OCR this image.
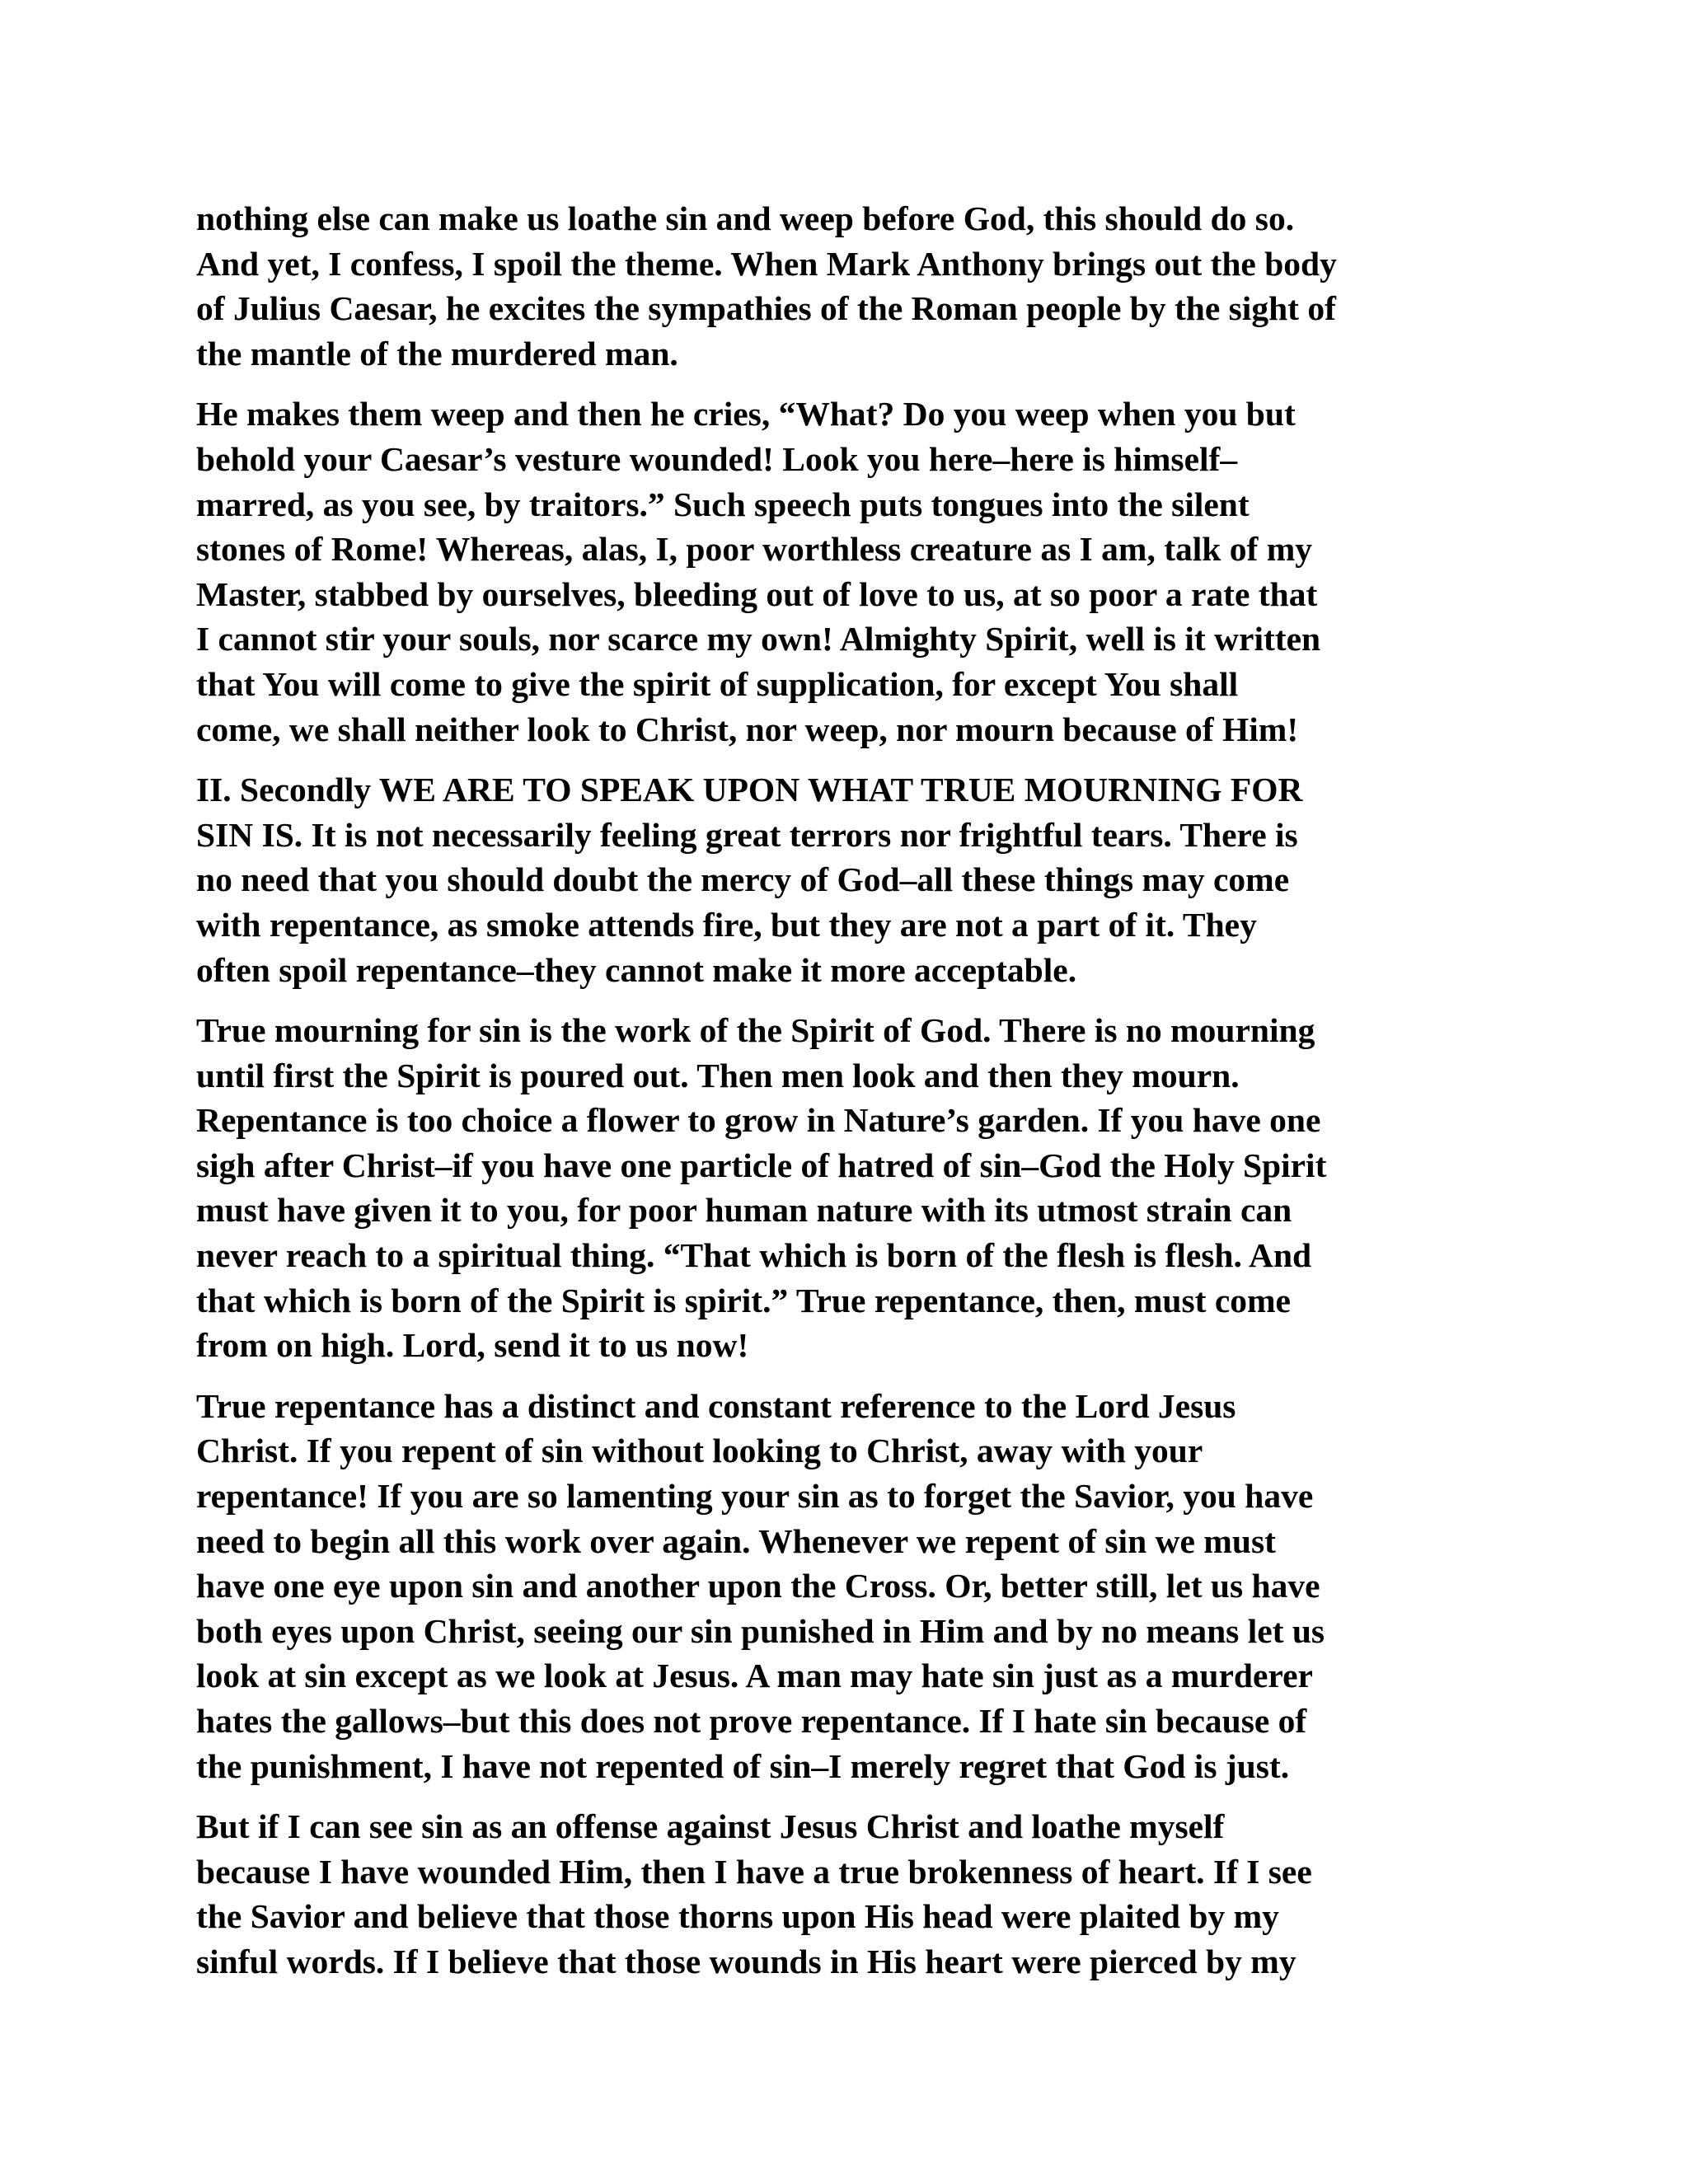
nothing else can make us loathe sin and weep before God, this should do so.
And yet, I confess, I spoil the theme. When Mark Anthony brings out the body
of Julius Caesar, he excites the sympathies of the Roman people by the sight of
the mantle of the murdered man.
He makes them weep and then he cries, “What? Do you weep when you but
behold your Caesar’s vesture wounded! Look you here–here is himself–
marred, as you see, by traitors.” Such speech puts tongues into the silent
stones of Rome! Whereas, alas, I, poor worthless creature as I am, talk of my
Master, stabbed by ourselves, bleeding out of love to us, at so poor a rate that
I cannot stir your souls, nor scarce my own! Almighty Spirit, well is it written
that You will come to give the spirit of supplication, for except You shall
come, we shall neither look to Christ, nor weep, nor mourn because of Him!
II. Secondly WE ARE TO SPEAK UPON WHAT TRUE MOURNING FOR
SIN IS. It is not necessarily feeling great terrors nor frightful tears. There is
no need that you should doubt the mercy of God–all these things may come
with repentance, as smoke attends fire, but they are not a part of it. They
often spoil repentance–they cannot make it more acceptable.
True mourning for sin is the work of the Spirit of God. There is no mourning
until first the Spirit is poured out. Then men look and then they mourn.
Repentance is too choice a flower to grow in Nature’s garden. If you have one
sigh after Christ–if you have one particle of hatred of sin–God the Holy Spirit
must have given it to you, for poor human nature with its utmost strain can
never reach to a spiritual thing. “That which is born of the flesh is flesh. And
that which is born of the Spirit is spirit.” True repentance, then, must come
from on high. Lord, send it to us now!
True repentance has a distinct and constant reference to the Lord Jesus
Christ. If you repent of sin without looking to Christ, away with your
repentance! If you are so lamenting your sin as to forget the Savior, you have
need to begin all this work over again. Whenever we repent of sin we must
have one eye upon sin and another upon the Cross. Or, better still, let us have
both eyes upon Christ, seeing our sin punished in Him and by no means let us
look at sin except as we look at Jesus. A man may hate sin just as a murderer
hates the gallows–but this does not prove repentance. If I hate sin because of
the punishment, I have not repented of sin–I merely regret that God is just.
But if I can see sin as an offense against Jesus Christ and loathe myself
because I have wounded Him, then I have a true brokenness of heart. If I see
the Savior and believe that those thorns upon His head were plaited by my
sinful words. If I believe that those wounds in His heart were pierced by my
